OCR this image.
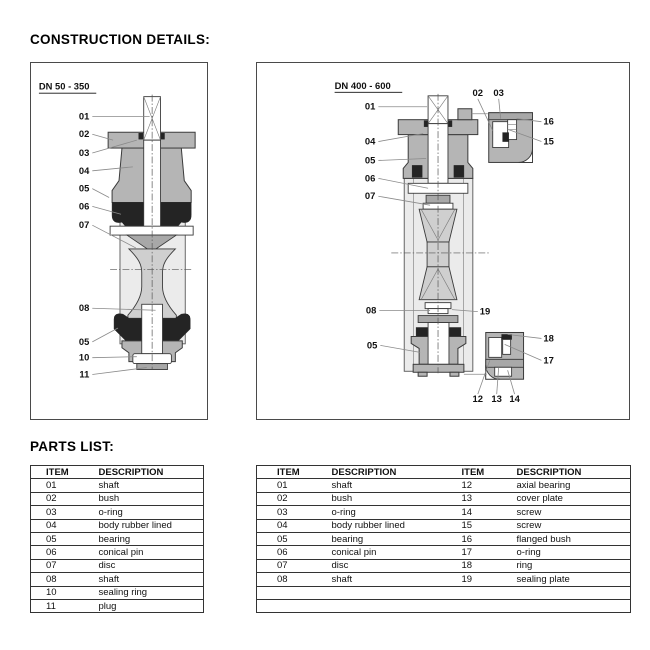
CONSTRUCTION DETAILS:
DN 50 - 350
01
02
03
04
05
06
07
08
05
10
11
DN 400 - 600
01
04
05
06
07
08
05
02 03
16
15
19
18
17
12 13 14
PARTS LIST:
ITEM	DESCRIPTION
01	shaft
02	bush
03	o-ring
04	body rubber lined
05	bearing
06	conical pin
07	disc
08	shaft
10	sealing ring
11	plug
ITEM	DESCRIPTION	ITEM	DESCRIPTION
01	shaft	12	axial bearing
02	bush	13	cover plate
03	o-ring	14	screw
04	body rubber lined	15	screw
05	bearing	16	flanged bush
06	conical pin	17	o-ring
07	disc	18	ring
08	shaft	19	sealing plate
